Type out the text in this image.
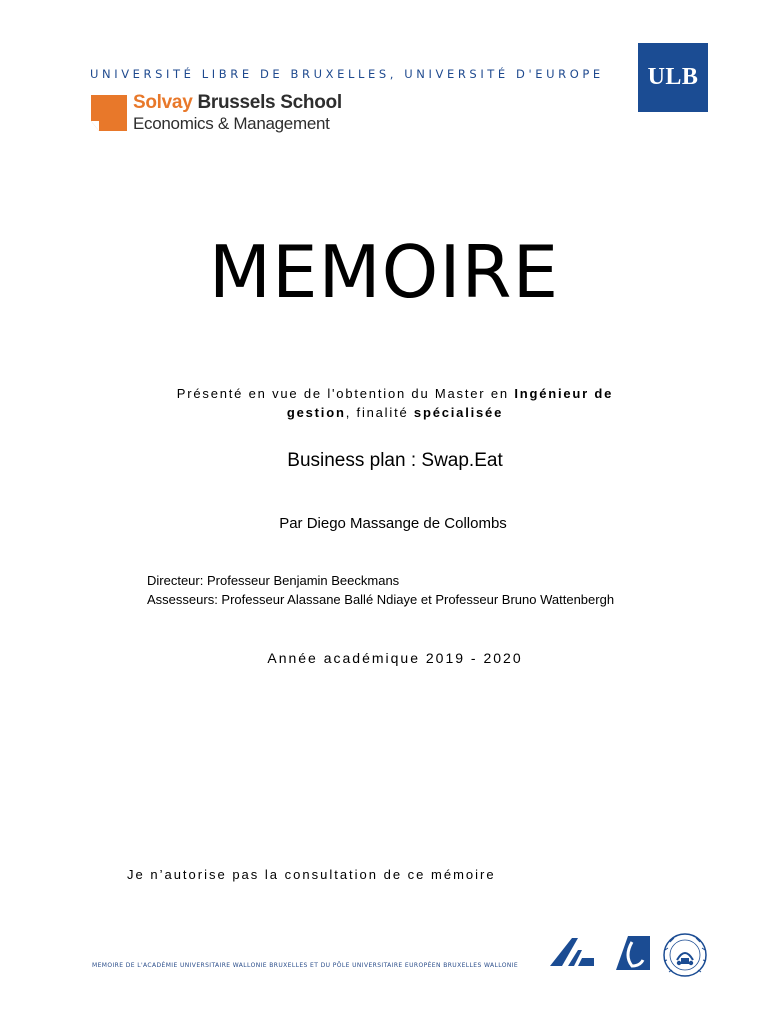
UNIVERSITÉ LIBRE DE BRUXELLES, UNIVERSITÉ D'EUROPE	ULB
Solvay Brussels School
Economics & Management
MEMOIRE
Présenté en vue de l'obtention du Master en Ingénieur de gestion, finalité spécialisée
Business plan : Swap.Eat
Par Diego Massange de Collombs
Directeur: Professeur Benjamin Beeckmans
Assesseurs: Professeur Alassane Ballé Ndiaye et Professeur Bruno Wattenbergh
Année académique 2019 - 2020
Je n’autorise pas la consultation de ce mémoire
MEMOIRE DE L'ACADÉMIE UNIVERSITAIRE WALLONIE BRUXELLES ET DU PÔLE UNIVERSITAIRE EUROPÉEN BRUXELLES WALLONIE
